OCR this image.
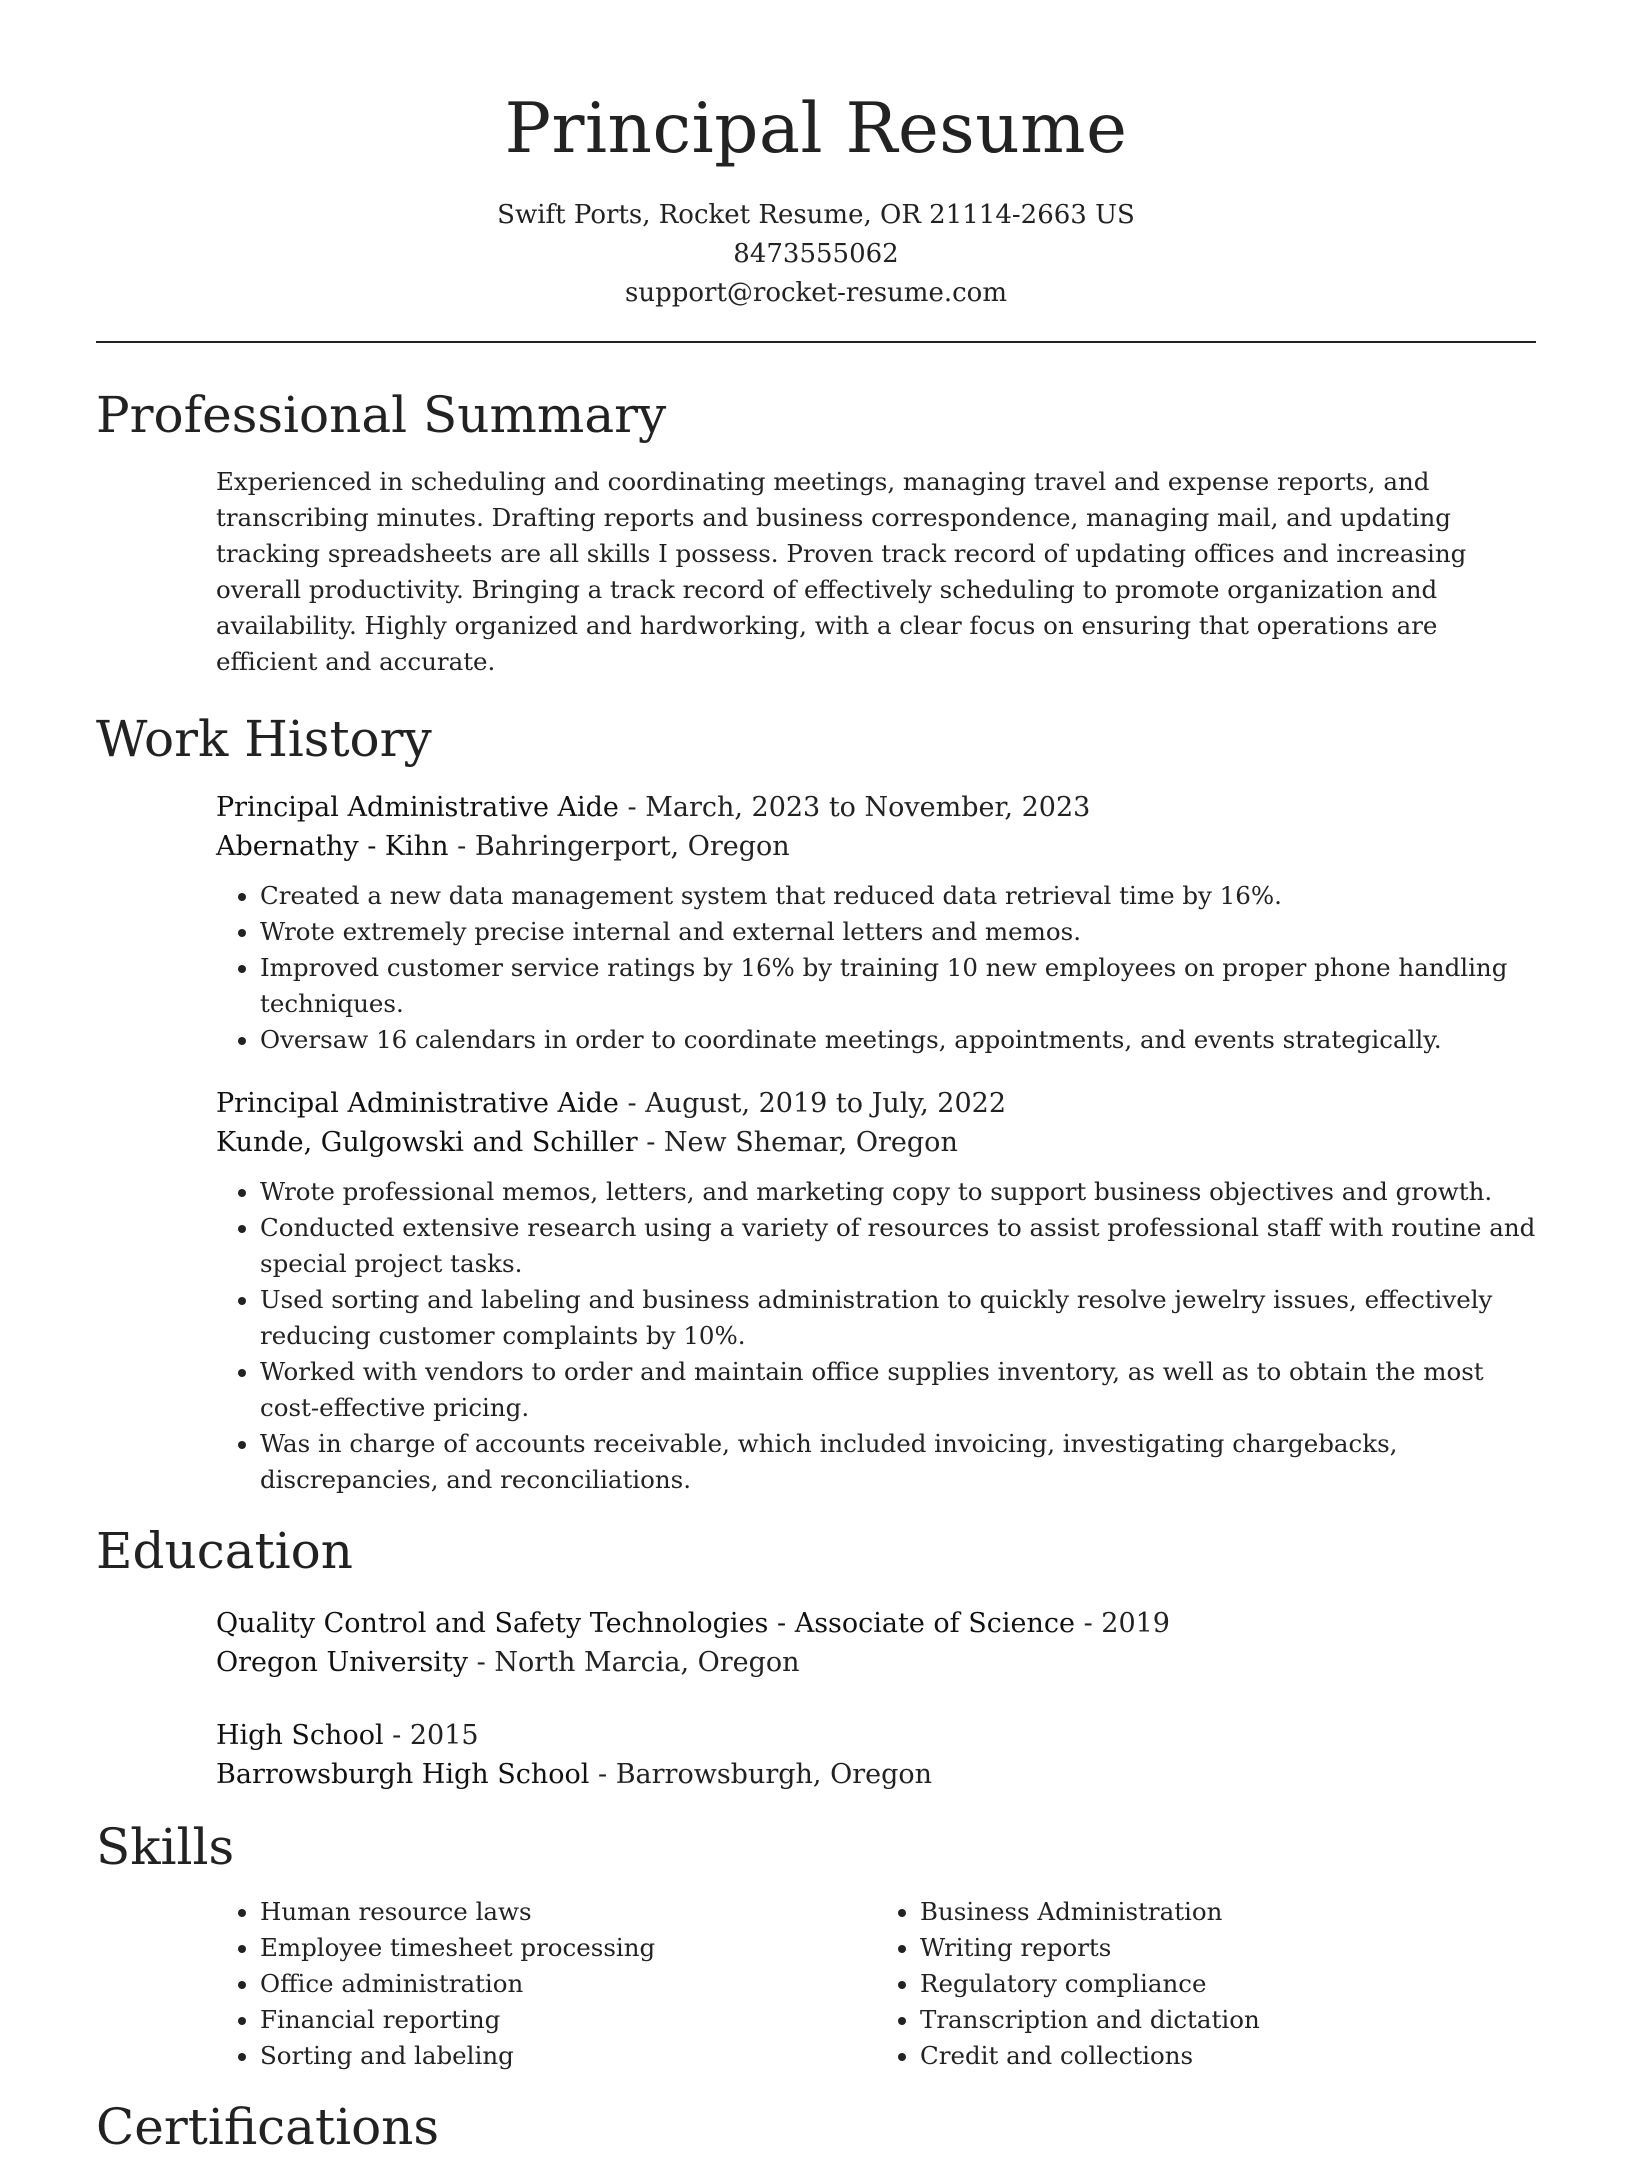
Principal Resume
Swift Ports, Rocket Resume, OR 21114-2663 US
8473555062
support@rocket-resume.com
Professional Summary

Experienced in scheduling and coordinating meetings, managing travel and expense reports, and transcribing minutes. Drafting reports and business correspondence, managing mail, and updating tracking spreadsheets are all skills I possess. Proven track record of updating offices and increasing overall productivity. Bringing a track record of effectively scheduling to promote organization and availability. Highly organized and hardworking, with a clear focus on ensuring that operations are efficient and accurate.

Work History
Principal Administrative Aide - March, 2023 to November, 2023
Abernathy - Kihn - Bahringerport, Oregon
• Created a new data management system that reduced data retrieval time by 16%.
• Wrote extremely precise internal and external letters and memos.
• Improved customer service ratings by 16% by training 10 new employees on proper phone handling techniques.
• Oversaw 16 calendars in order to coordinate meetings, appointments, and events strategically.
Principal Administrative Aide - August, 2019 to July, 2022
Kunde, Gulgowski and Schiller - New Shemar, Oregon
• Wrote professional memos, letters, and marketing copy to support business objectives and growth.
• Conducted extensive research using a variety of resources to assist professional staff with routine and special project tasks.
• Used sorting and labeling and business administration to quickly resolve jewelry issues, effectively reducing customer complaints by 10%.
• Worked with vendors to order and maintain office supplies inventory, as well as to obtain the most cost-effective pricing.
• Was in charge of accounts receivable, which included invoicing, investigating chargebacks, discrepancies, and reconciliations.
Education
Quality Control and Safety Technologies - Associate of Science - 2019
Oregon University - North Marcia, Oregon
High School - 2015
Barrowsburgh High School - Barrowsburgh, Oregon
Skills
• Human resource laws
• Employee timesheet processing
• Office administration
• Financial reporting
• Sorting and labeling
• Business Administration
• Writing reports
• Regulatory compliance
• Transcription and dictation
• Credit and collections
Certifications
